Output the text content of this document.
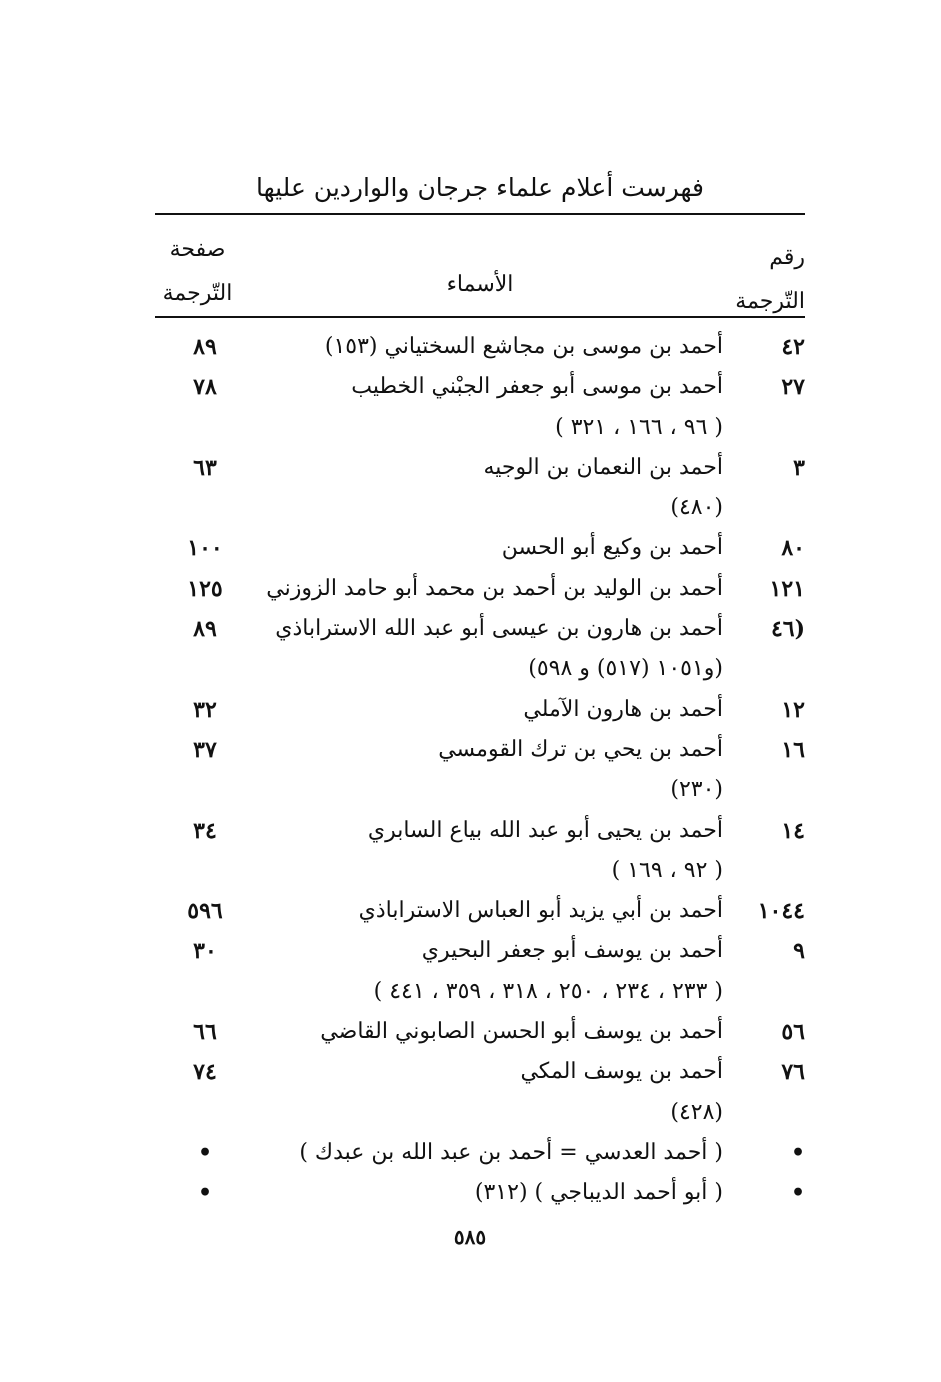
فهرست أعلام علماء جرجان والواردين عليها
رقم
التّرجمة
الأسماء
صفحة
التّرجمة
٤٢
أحمد بن موسى بن مجاشع السختياني (١٥٣)
٨٩
٢٧
أحمد بن موسى أبو جعفر الجبْني الخطيب
٧٨
( ٩٦ ، ١٦٦ ، ٣٢١ )
٣
أحمد بن النعمان بن الوجيه
٦٣
(٤٨٠)
٨٠
أحمد بن وكيع أبو الحسن
١٠٠
١٢١
أحمد بن الوليد بن أحمد بن محمد أبو حامد الزوزني
١٢٥
(٤٦
أحمد بن هارون بن عيسى أبو عبد الله الاستراباذي
٨٩
(و١٠٥١ (٥١٧) و ٥٩٨)
١٢
أحمد بن هارون الآملي
٣٢
١٦
أحمد بن يحي بن ترك القومسي
٣٧
(٢٣٠)
١٤
أحمد بن يحيى أبو عبد الله بياع السابري
٣٤
( ٩٢ ، ١٦٩ )
١٠٤٤
أحمد بن أبي يزيد أبو العباس الاستراباذي
٥٩٦
٩
أحمد بن يوسف أبو جعفر البحيري
٣٠
( ٢٣٣ ، ٢٣٤ ، ٢٥٠ ، ٣١٨ ، ٣٥٩ ، ٤٤١ )
٥٦
أحمد بن يوسف أبو الحسن الصابوني القاضي
٦٦
٧٦
أحمد بن يوسف المكي
٧٤
(٤٢٨)
•
( أحمد العدسي = أحمد بن عبد الله بن عبدك )
•
•
( أبو أحمد الديباجي ) (٣١٢)
•
٥٨٥
